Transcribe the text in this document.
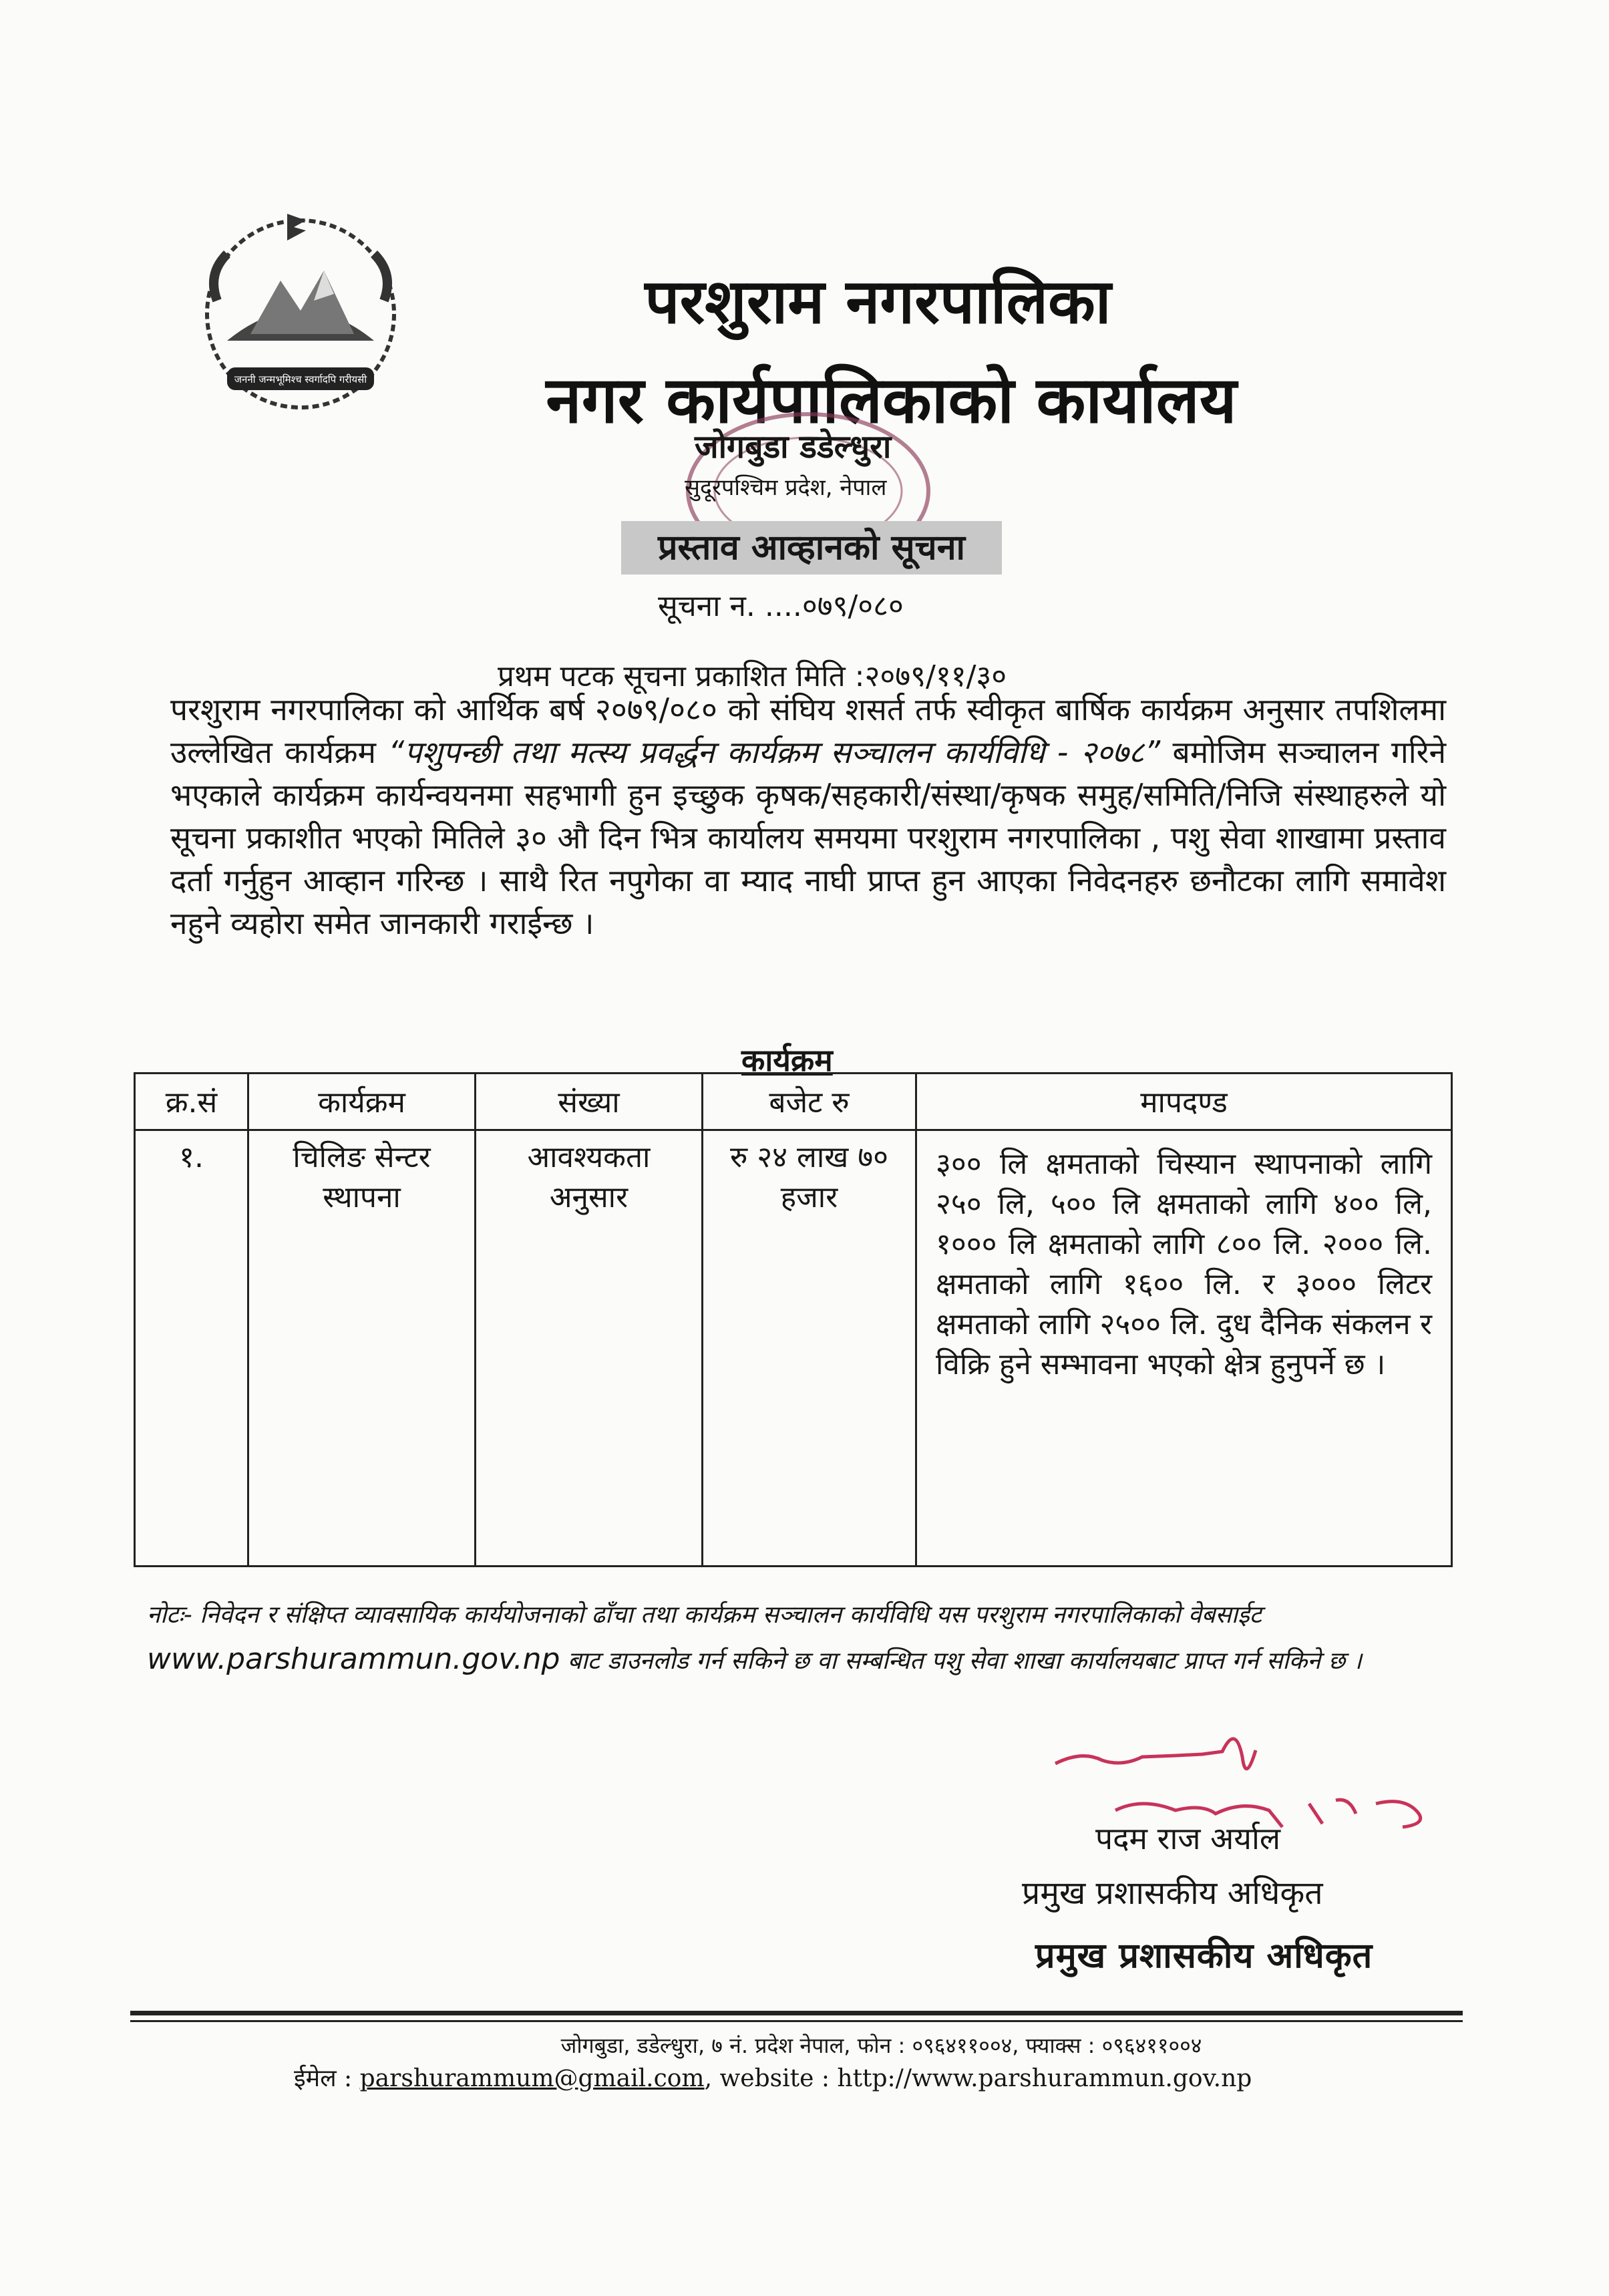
जननी जन्मभूमिश्च स्वर्गादपि गरीयसी
परशुराम नगरपालिका
नगर कार्यपालिकाको कार्यालय
जोगबुडा डडेल्धुरा
सुदूरपश्चिम प्रदेश, नेपाल
प्रस्ताव आव्हानको सूचना
सूचना न. ....०७९/०८०
प्रथम पटक सूचना प्रकाशित मिति :२०७९/११/३०
परशुराम नगरपालिका को आर्थिक बर्ष २०७९/०८० को संघिय शसर्त तर्फ स्वीकृत बार्षिक कार्यक्रम अनुसार तपशिलमा उल्लेखित कार्यक्रम “पशुपन्छी तथा मत्स्य प्रवर्द्धन कार्यक्रम सञ्चालन कार्यविधि - २०७८” बमोजिम सञ्चालन गरिने भएकाले कार्यक्रम कार्यन्वयनमा सहभागी हुन इच्छुक कृषक/सहकारी/संस्था/कृषक समुह/समिति/निजि संस्थाहरुले यो सूचना प्रकाशीत भएको मितिले ३० औ दिन भित्र कार्यालय समयमा परशुराम नगरपालिका , पशु सेवा शाखामा प्रस्ताव दर्ता गर्नुहुन आव्हान गरिन्छ । साथै रित नपुगेका वा म्याद नाघी प्राप्त हुन आएका निवेदनहरु छनौटका लागि समावेश नहुने व्यहोरा समेत जानकारी गराईन्छ ।
कार्यक्रम
क्र.सं	कार्यक्रम	संख्या	बजेट रु	मापदण्ड
१.	चिलिङ सेन्टर स्थापना	आवश्यकता अनुसार	रु २४ लाख ७० हजार	३०० लि क्षमताको चिस्यान स्थापनाको लागि २५० लि, ५०० लि क्षमताको लागि ४०० लि, १००० लि क्षमताको लागि ८०० लि. २००० लि. क्षमताको लागि १६०० लि. र ३००० लिटर क्षमताको लागि २५०० लि. दुध दैनिक संकलन र विक्रि हुने सम्भावना भएको क्षेत्र हुनुपर्ने छ ।
नोटः- निवेदन र संक्षिप्त व्यावसायिक कार्ययोजनाको ढाँचा तथा कार्यक्रम सञ्चालन कार्यविधि यस परशुराम नगरपालिकाको वेबसाईट www.parshurammun.gov.np बाट डाउनलोड गर्न सकिने छ वा सम्बन्धित पशु सेवा शाखा कार्यालयबाट प्राप्त गर्न सकिने छ ।
पदम राज अर्याल
प्रमुख प्रशासकीय अधिकृत
प्रमुख प्रशासकीय अधिकृत
जोगबुडा, डडेल्धुरा, ७ नं. प्रदेश नेपाल, फोन : ०९६४११००४, फ्याक्स : ०९६४११००४
ईमेल : parshurammum@gmail.com, website : http://www.parshurammun.gov.np
